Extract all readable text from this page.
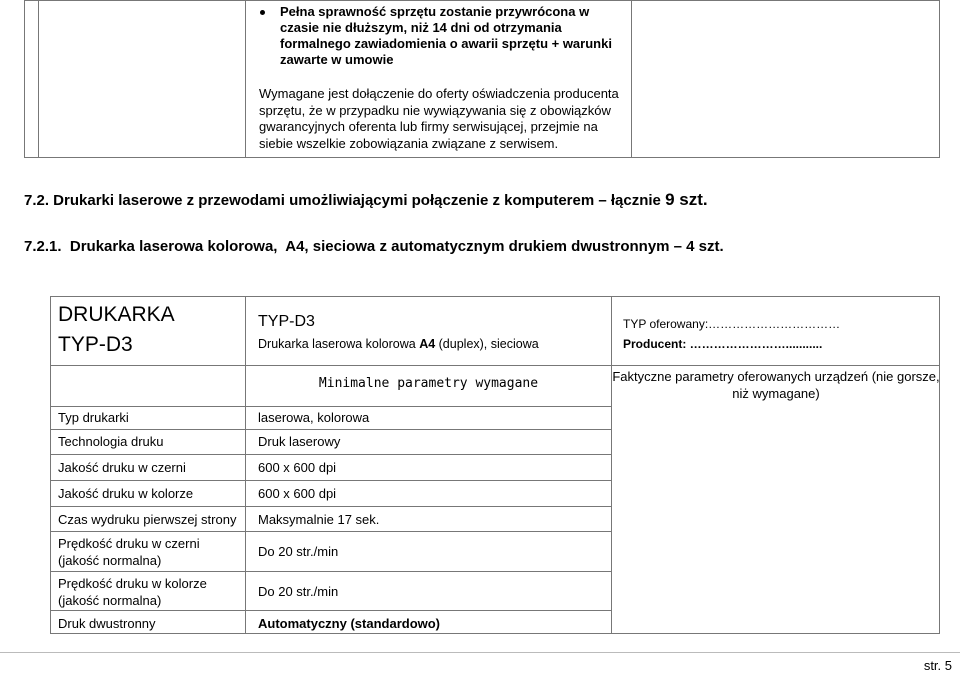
Pełna sprawność sprzętu zostanie przywrócona w czasie nie dłuższym, niż 14 dni od otrzymania formalnego zawiadomienia o awarii sprzętu + warunki zawarte w umowie
Wymagane jest dołączenie do oferty oświadczenia producenta sprzętu, że w przypadku nie wywiązywania się z obowiązków gwarancyjnych oferenta lub firmy serwisującej, przejmie na siebie wszelkie zobowiązania związane z serwisem.
7.2. Drukarki laserowe z przewodami umożliwiającymi połączenie z komputerem – łącznie 9 szt.
7.2.1.  Drukarka laserowa kolorowa,  A4, sieciowa z automatycznym drukiem dwustronnym – 4 szt.
DRUKARKA
TYP-D3
TYP-D3
Drukarka laserowa kolorowa A4 (duplex), sieciowa
TYP oferowany:……………………………
Producent: ……………………...........
Minimalne parametry wymagane	Faktyczne parametry oferowanych urządzeń (nie gorsze, niż wymagane)
Typ drukarki
Technologia druku
Jakość druku w czerni
Jakość druku w kolorze
Czas wydruku pierwszej strony
Prędkość druku w czerni (jakość normalna)
Prędkość druku w kolorze (jakość normalna)
Druk dwustronny
laserowa, kolorowa
Druk laserowy
600 x 600 dpi
600 x 600 dpi
Maksymalnie 17 sek.
Do 20 str./min
Do 20 str./min
Automatyczny (standardowo)
str. 5
